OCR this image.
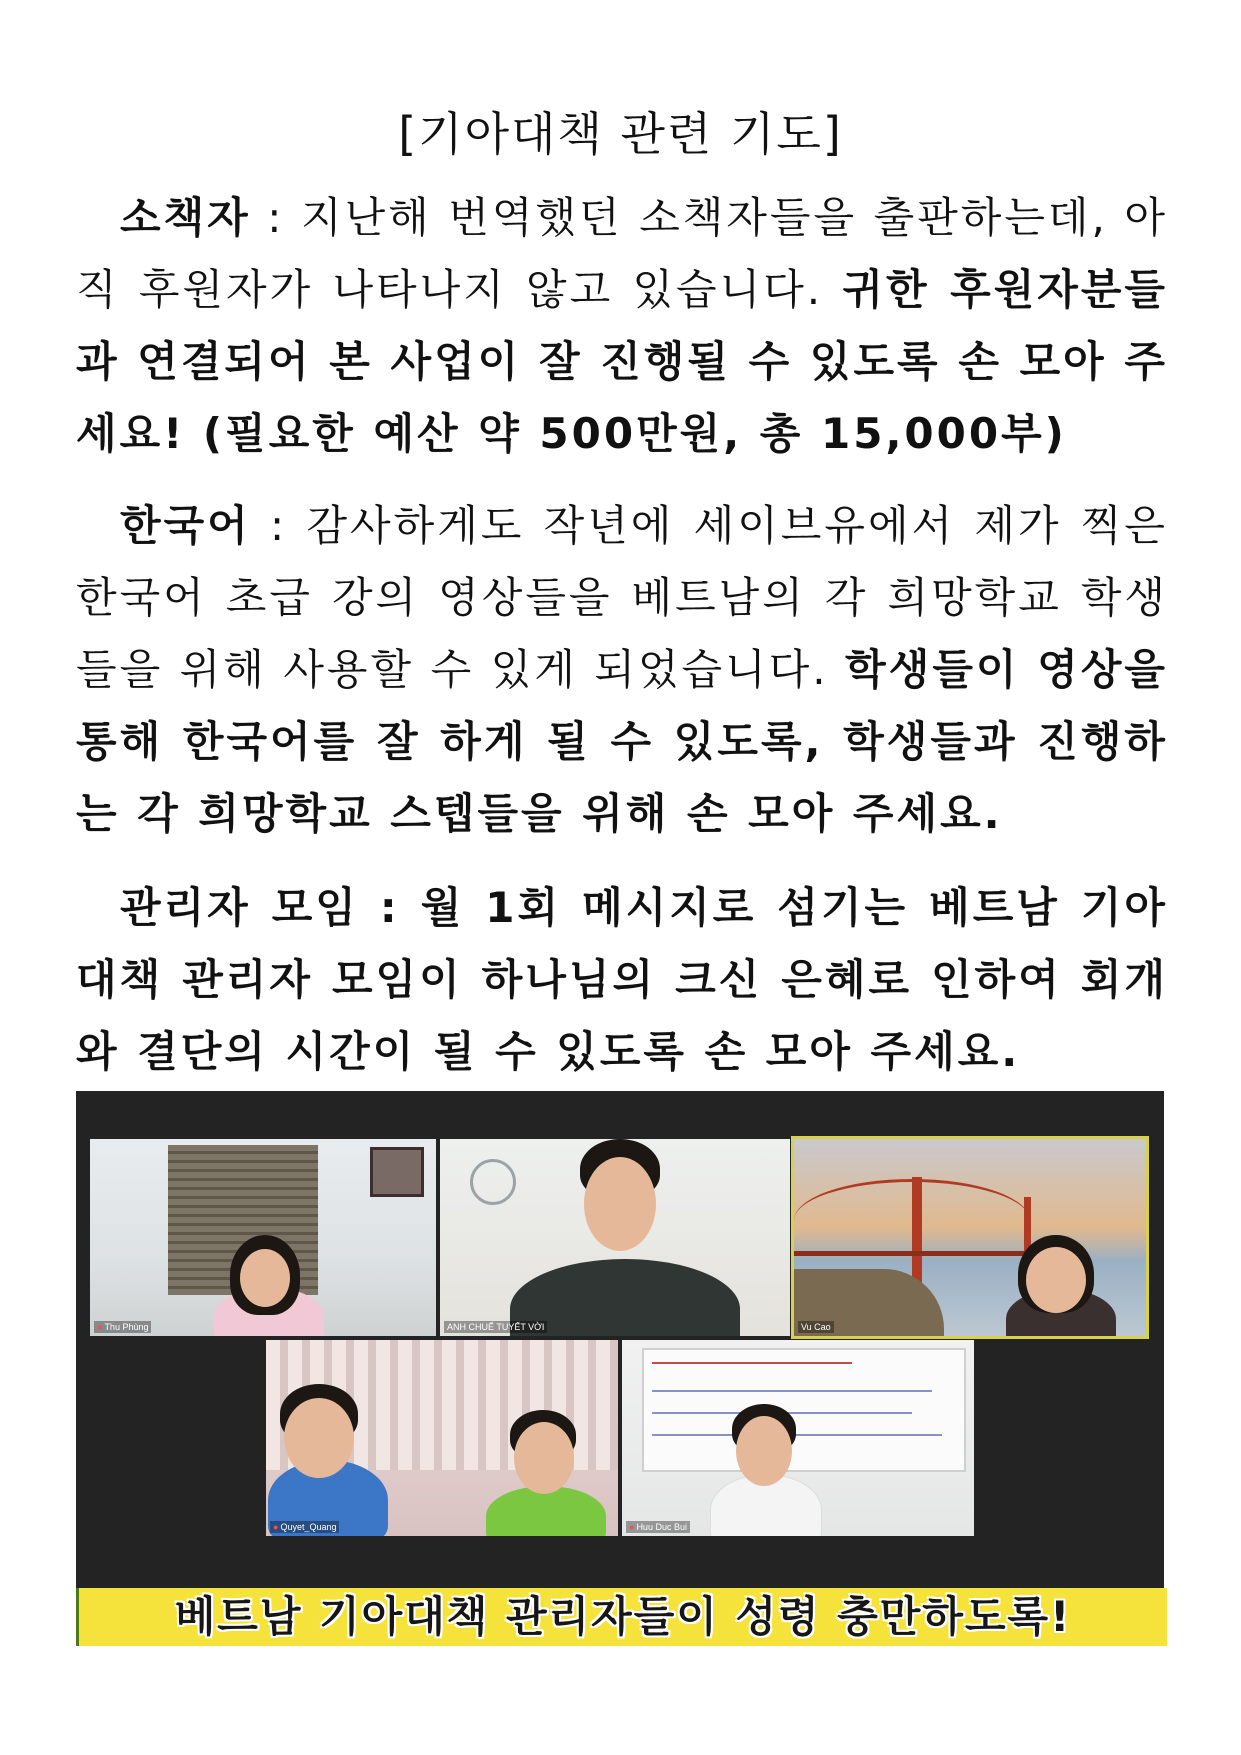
[기아대책 관련 기도]

소책자 : 지난해 번역했던 소책자들을 출판하는데, 아직 후원자가 나타나지 않고 있습니다. 귀한 후원자분들과 연결되어 본 사업이 잘 진행될 수 있도록 손 모아 주세요! (필요한 예산 약 500만원, 총 15,000부)

한국어 : 감사하게도 작년에 세이브유에서 제가 찍은 한국어 초급 강의 영상들을 베트남의 각 희망학교 학생들을 위해 사용할 수 있게 되었습니다. 학생들이 영상을 통해 한국어를 잘 하게 될 수 있도록, 학생들과 진행하는 각 희망학교 스텝들을 위해 손 모아 주세요.

관리자 모임 : 월 1회 메시지로 섬기는 베트남 기아대책 관리자 모임이 하나님의 크신 은혜로 인하여 회개와 결단의 시간이 될 수 있도록 손 모아 주세요.

● Thu Phùng	ANH CHUẾ TUYẾT VỜI	Vu Cao
● Quyet_Quang	● Huu Duc Bui
베트남 기아대책 관리자들이 성령 충만하도록!
